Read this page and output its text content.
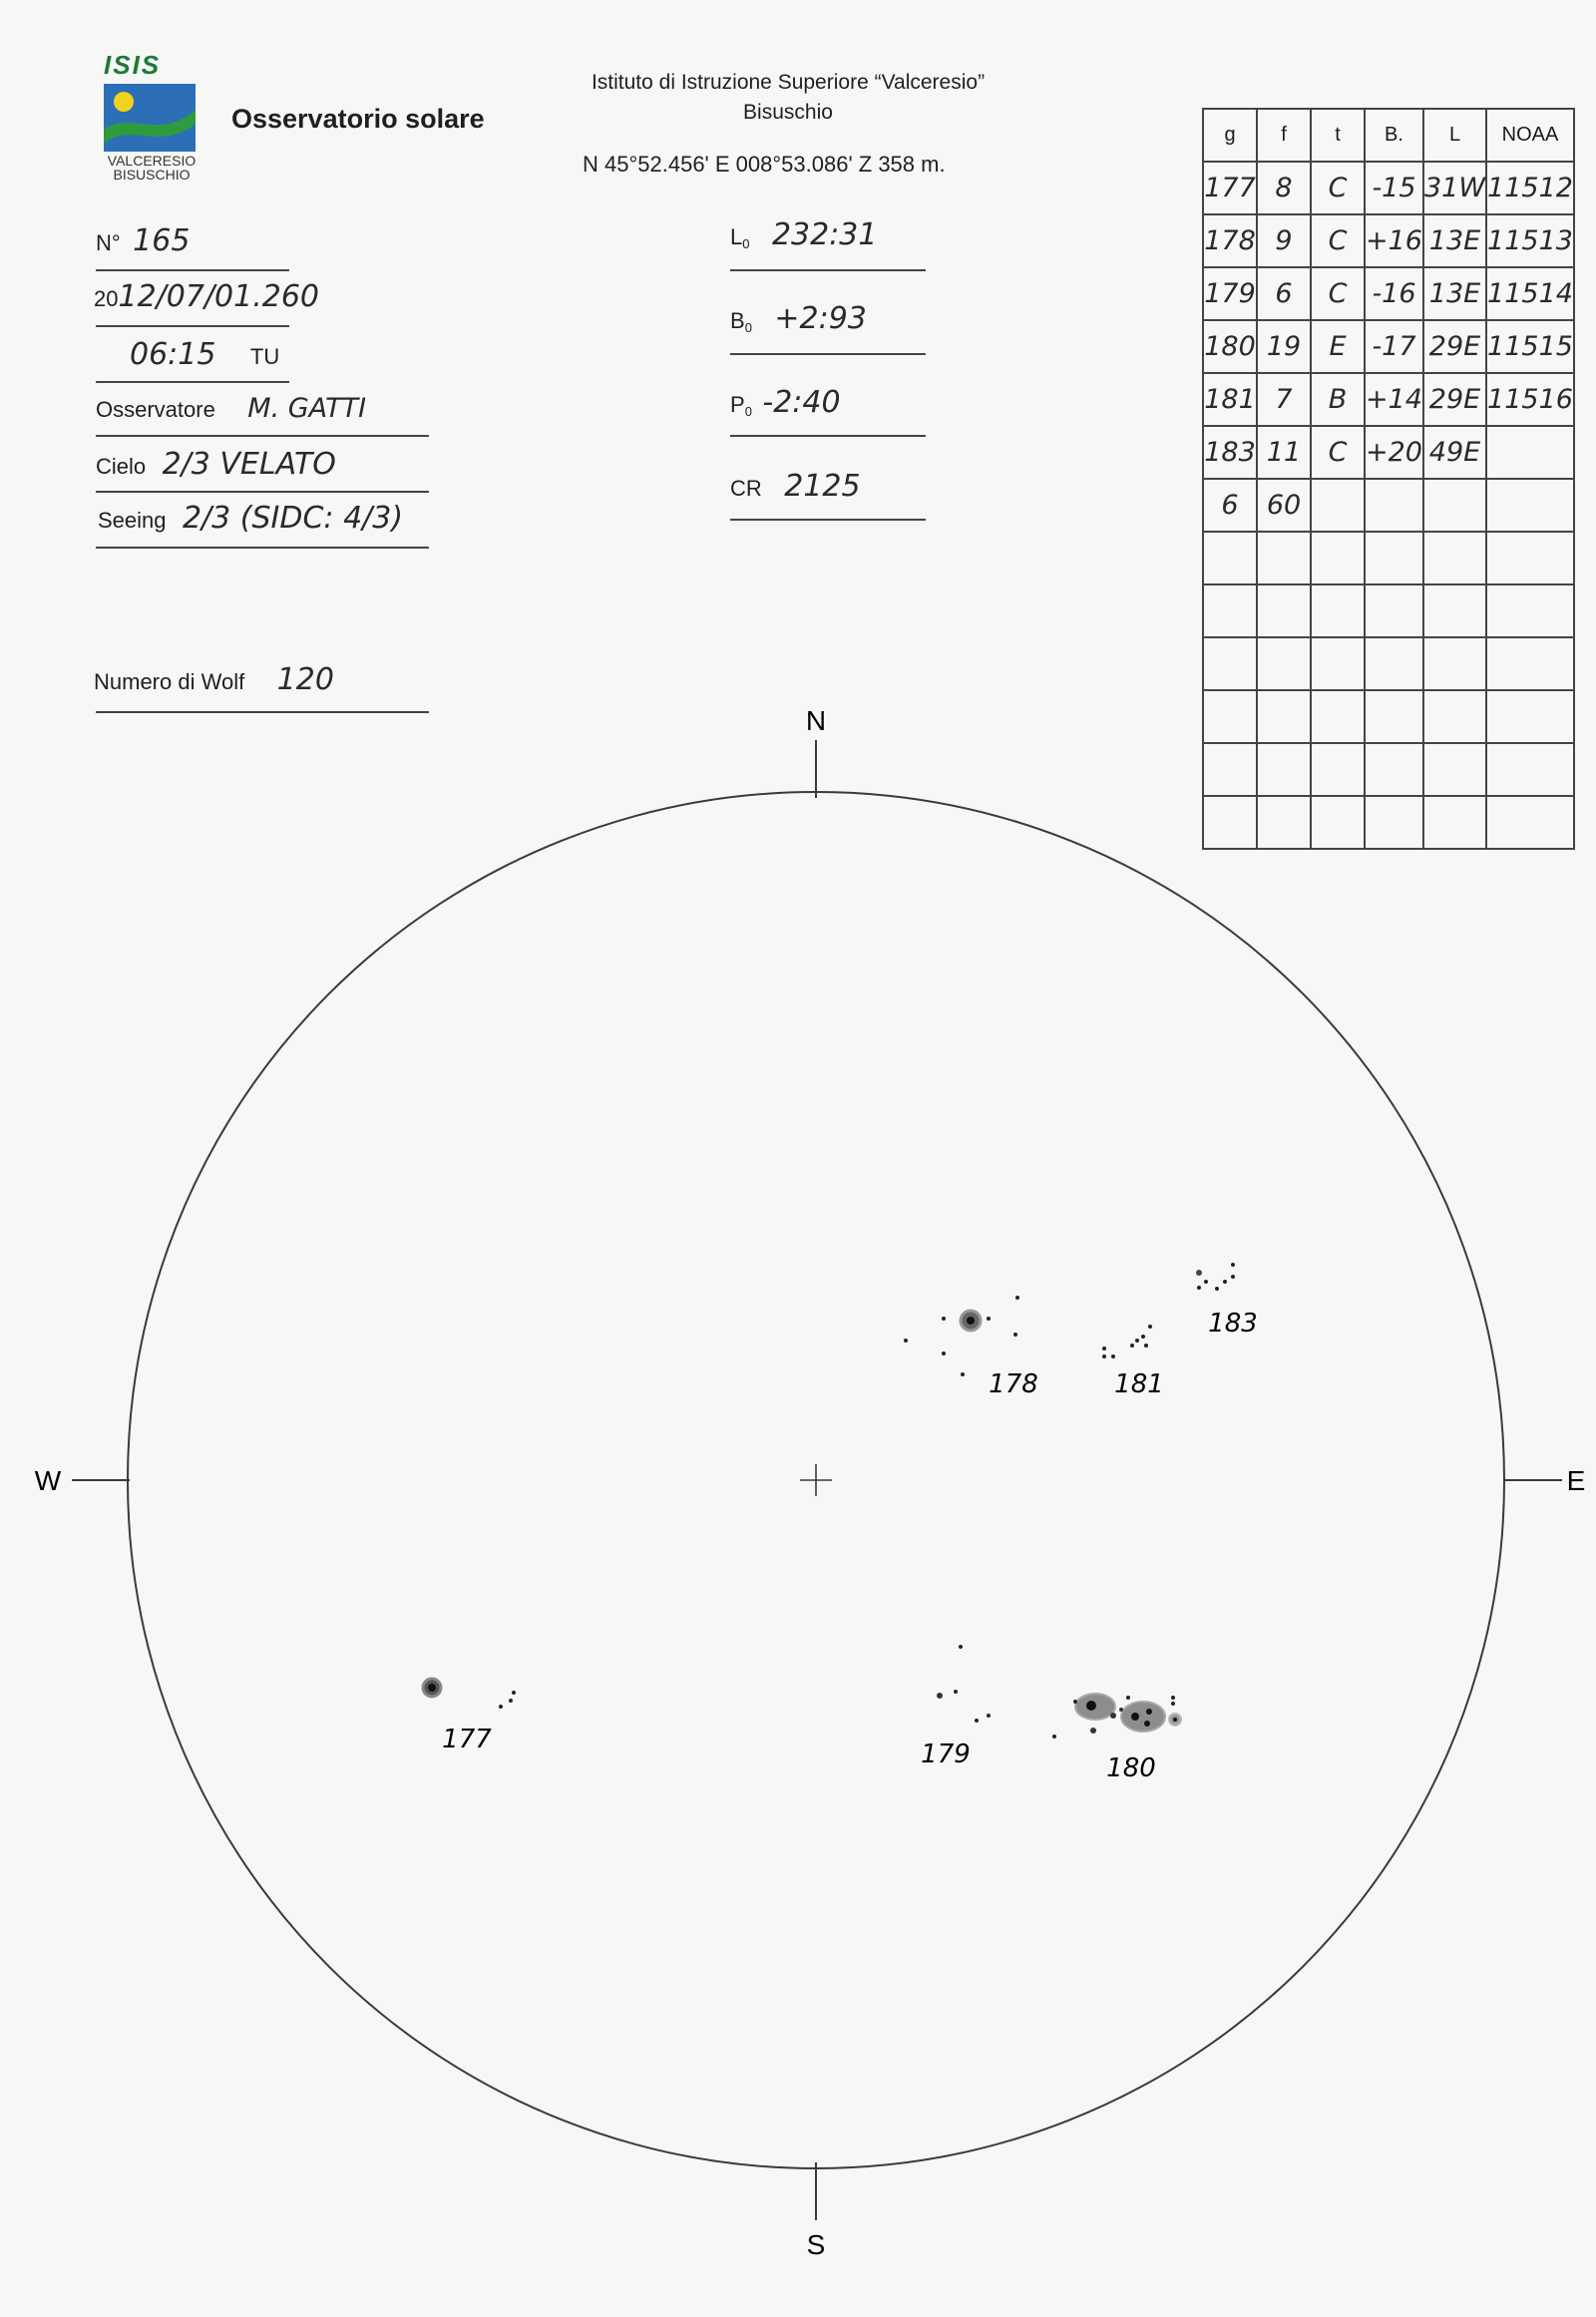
ISIS
VALCERESIO
BISUSCHIO
Osservatorio solare
Istituto di Istruzione Superiore “Valceresio”
Bisuschio
N 45°52.456' E 008°53.086' Z 358 m.
N° 165
2012/07/01.260
06:15 TU
Osservatore M. GATTI
Cielo 2/3 VELATO
Seeing 2/3 (SIDC: 4/3)
Numero di Wolf 120
$L_0$ 232:31
$B_0$ +2:93
$P_0$ -2:40
CR 2125
g	f	t	B.	L	NOAA
177	8	C	-15	31W	11512
178	9	C	+16	13E	11513
179	6	C	-16	13E	11514
180	19	E	-17	29E	11515
181	7	B	+14	29E	11516
183	11	C	+20	49E	
6	60				

N
S
W	E
177
178	181
183
179	180
